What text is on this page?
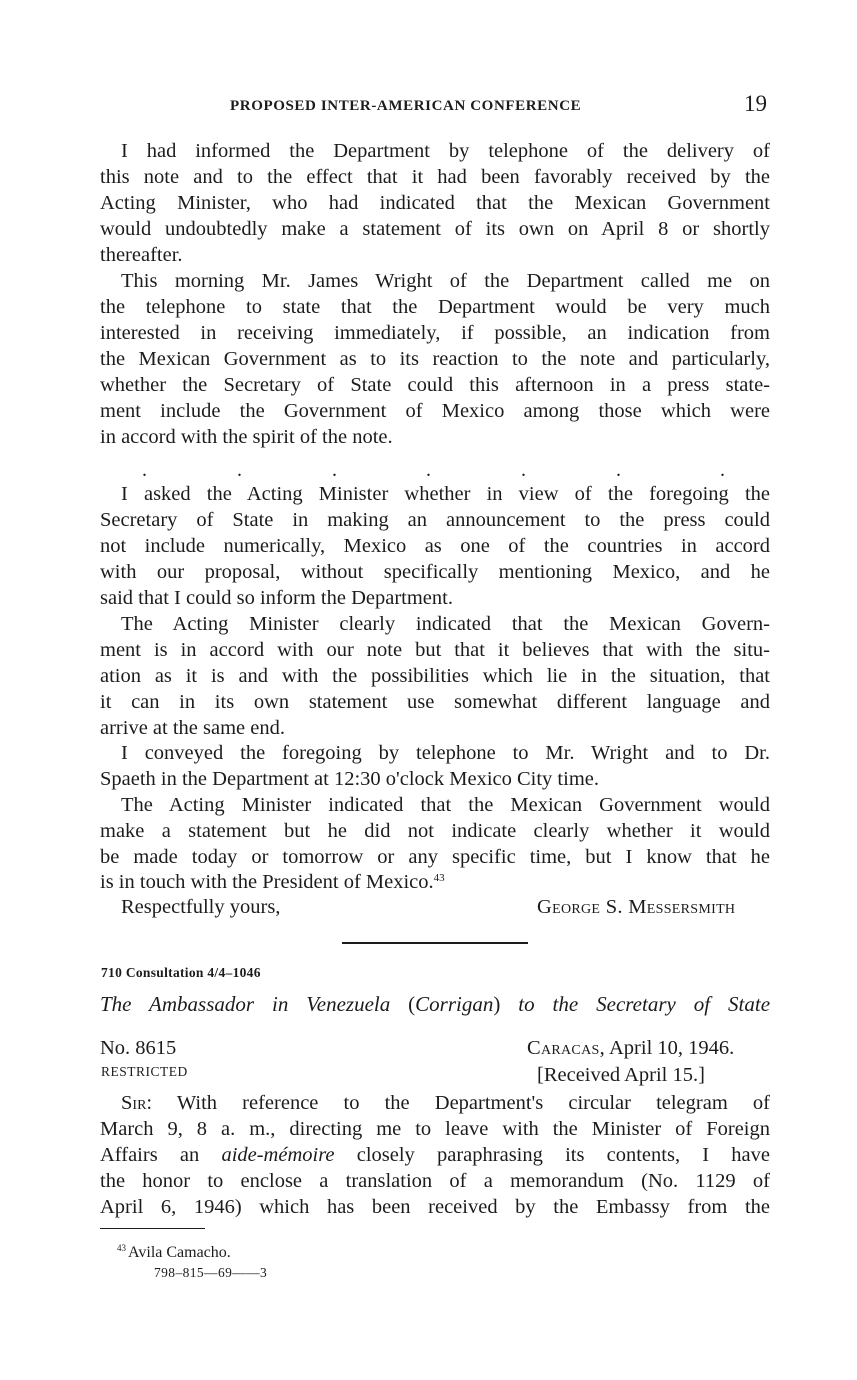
PROPOSED INTER-AMERICAN CONFERENCE	19
I had informed the Department by telephone of the delivery of
this note and to the effect that it had been favorably received by the
Acting Minister, who had indicated that the Mexican Government
would undoubtedly make a statement of its own on April 8 or shortly
thereafter.
This morning Mr. James Wright of the Department called me on
the telephone to state that the Department would be very much
interested in receiving immediately, if possible, an indication from
the Mexican Government as to its reaction to the note and particularly,
whether the Secretary of State could this afternoon in a press state-
ment include the Government of Mexico among those which were
in accord with the spirit of the note.
.	.	.	.	.	.	.
I asked the Acting Minister whether in view of the foregoing the
Secretary of State in making an announcement to the press could
not include numerically, Mexico as one of the countries in accord
with our proposal, without specifically mentioning Mexico, and he
said that I could so inform the Department.
The Acting Minister clearly indicated that the Mexican Govern-
ment is in accord with our note but that it believes that with the situ-
ation as it is and with the possibilities which lie in the situation, that
it can in its own statement use somewhat different language and
arrive at the same end.
I conveyed the foregoing by telephone to Mr. Wright and to Dr.
Spaeth in the Department at 12:30 o'clock Mexico City time.
The Acting Minister indicated that the Mexican Government would
make a statement but he did not indicate clearly whether it would
be made today or tomorrow or any specific time, but I know that he
is in touch with the President of Mexico.$^{43}$
Respectfully yours,	George S. Messersmith
710 Consultation 4/4–1046
The Ambassador in Venezuela (Corrigan) to the Secretary of State
No. 8615	Caracas, April 10, 1946.
RESTRICTED	[Received April 15.]
Sir: With reference to the Department's circular telegram of
March 9, 8 a. m., directing me to leave with the Minister of Foreign
Affairs an aide-mémoire closely paraphrasing its contents, I have
the honor to enclose a translation of a memorandum (No. 1129 of
April 6, 1946) which has been received by the Embassy from the
$^{43}$ Avila Camacho.
798–815—69——3
